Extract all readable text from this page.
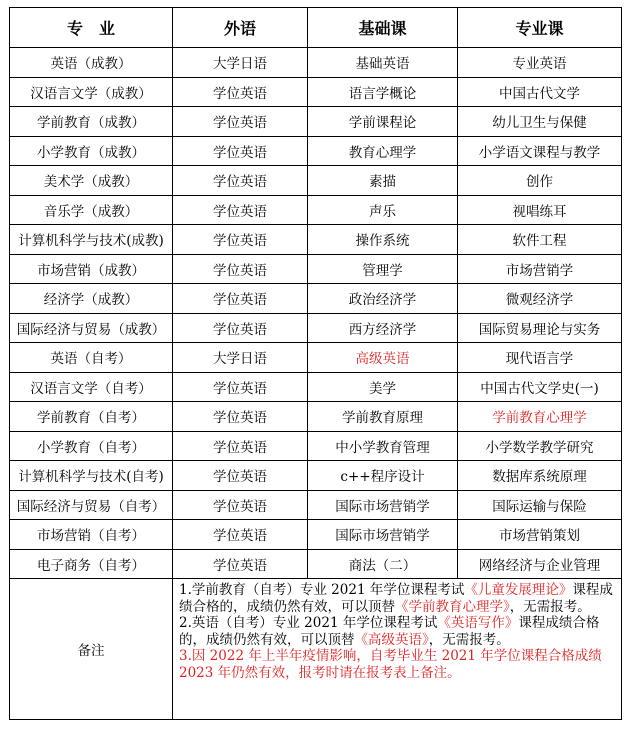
专　业	外语	基础课	专业课
英语（成教）	大学日语	基础英语	专业英语
汉语言文学（成教）	学位英语	语言学概论	中国古代文学
学前教育（成教）	学位英语	学前课程论	幼儿卫生与保健
小学教育（成教）	学位英语	教育心理学	小学语文课程与教学
美术学（成教）	学位英语	素描	创作
音乐学（成教）	学位英语	声乐	视唱练耳
计算机科学与技术(成教)	学位英语	操作系统	软件工程
市场营销（成教）	学位英语	管理学	市场营销学
经济学（成教）	学位英语	政治经济学	微观经济学
国际经济与贸易（成教）	学位英语	西方经济学	国际贸易理论与实务
英语（自考）	大学日语	高级英语	现代语言学
汉语言文学（自考）	学位英语	美学	中国古代文学史(一)
学前教育（自考）	学位英语	学前教育原理	学前教育心理学
小学教育（自考）	学位英语	中小学教育管理	小学数学教学研究
计算机科学与技术(自考)	学位英语	c++程序设计	数据库系统原理
国际经济与贸易（自考）	学位英语	国际市场营销学	国际运输与保险
市场营销（自考）	学位英语	国际市场营销学	市场营销策划
电子商务（自考）	学位英语	商法（二）	网络经济与企业管理
备注	1.学前教育（自考）专业 2021 年学位课程考试《儿童发展理论》课程成绩合格的，成绩仍然有效，可以顶替《学前教育心理学》，无需报考。

2.英语（自考）专业 2021 年学位课程考试《英语写作》课程成绩合格的，成绩仍然有效，可以顶替《高级英语》，无需报考。

3.因 2022 年上半年疫情影响，自考毕业生 2021 年学位课程合格成绩 2023 年仍然有效，报考时请在报考表上备注。		
